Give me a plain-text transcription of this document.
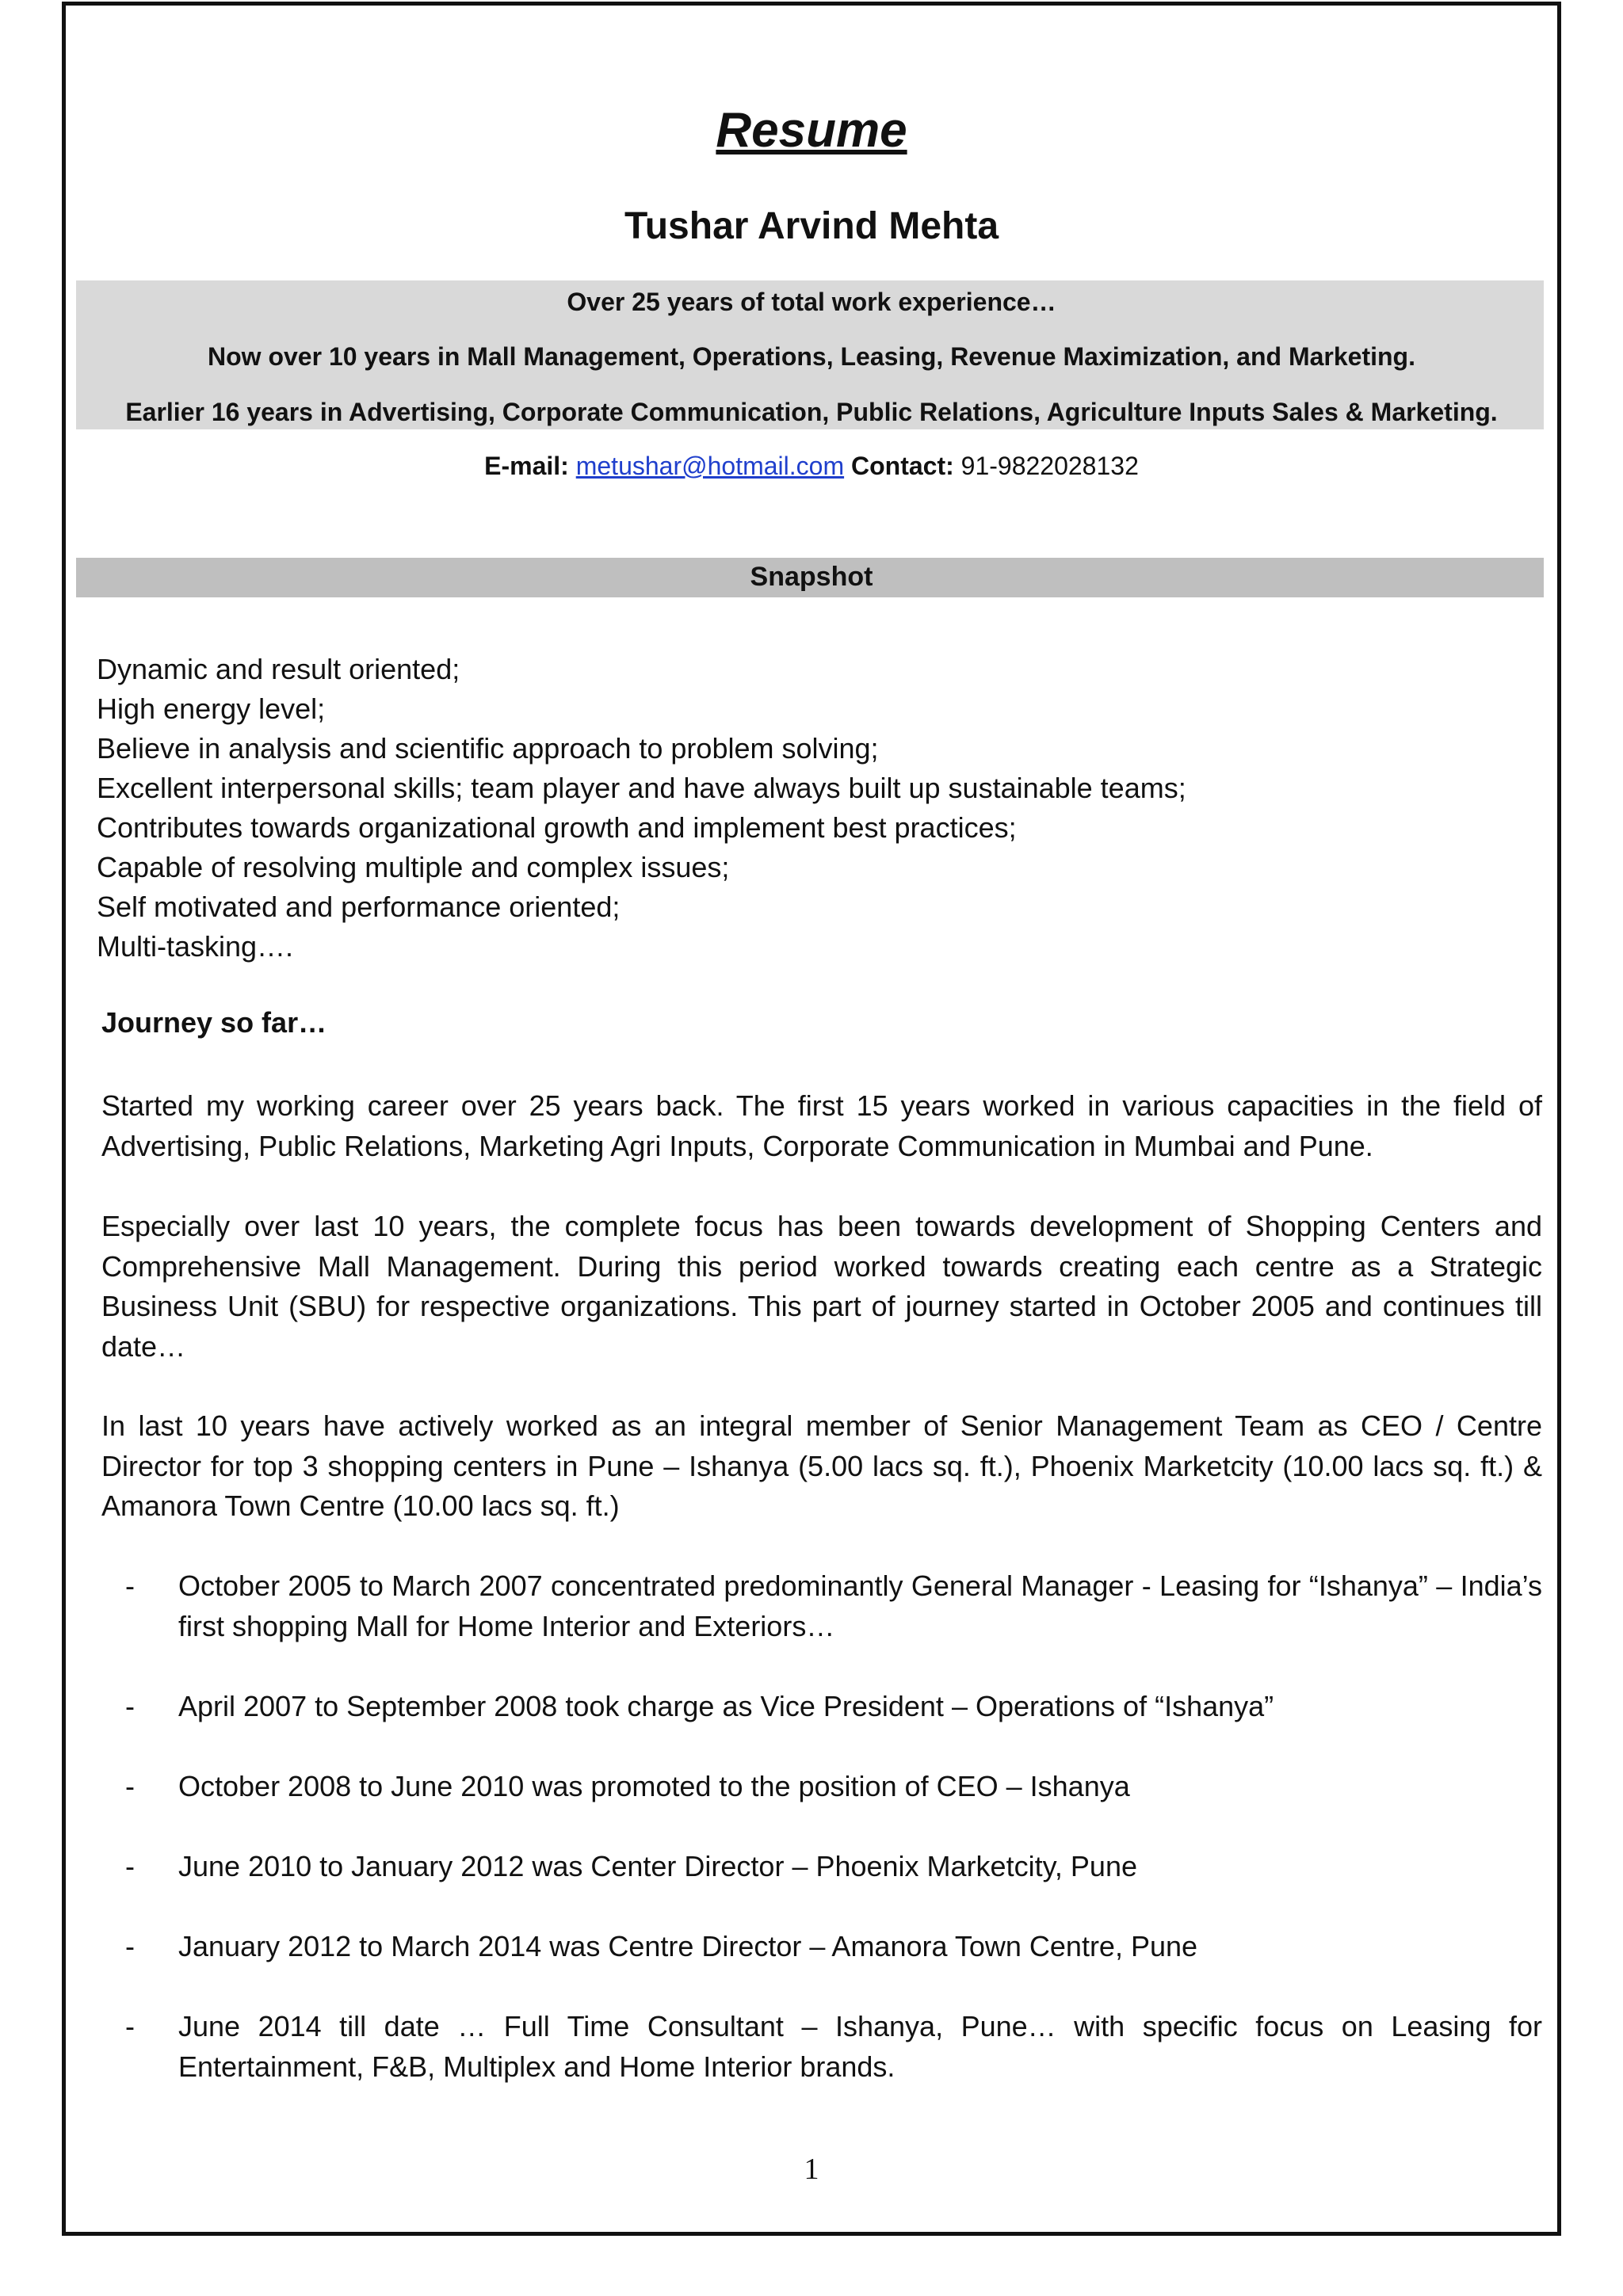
Resume
Tushar Arvind Mehta
Over 25 years of total work experience…
Now over 10 years in Mall Management, Operations, Leasing, Revenue Maximization, and Marketing.
Earlier 16 years in Advertising, Corporate Communication, Public Relations, Agriculture Inputs Sales & Marketing.
E-mail: metushar@hotmail.com Contact: 91-9822028132
Snapshot
Dynamic and result oriented;
High energy level;
Believe in analysis and scientific approach to problem solving;
Excellent interpersonal skills; team player and have always built up sustainable teams;
Contributes towards organizational growth and implement best practices;
Capable of resolving multiple and complex issues;
Self motivated and performance oriented;
Multi-tasking….
Journey so far…
Started my working career over 25 years back. The first 15 years worked in various capacities in the field of Advertising, Public Relations, Marketing Agri Inputs, Corporate Communication in Mumbai and Pune.
Especially over last 10 years, the complete focus has been towards development of Shopping Centers and Comprehensive Mall Management. During this period worked towards creating each centre as a Strategic Business Unit (SBU) for respective organizations. This part of journey started in October 2005 and continues till date…
In last 10 years have actively worked as an integral member of Senior Management Team as CEO / Centre Director for top 3 shopping centers in Pune – Ishanya (5.00 lacs sq. ft.), Phoenix Marketcity (10.00 lacs sq. ft.) & Amanora Town Centre (10.00 lacs sq. ft.)
- October 2005 to March 2007 concentrated predominantly General Manager - Leasing for “Ishanya” – India’s first shopping Mall for Home Interior and Exteriors…
- April 2007 to September 2008 took charge as Vice President – Operations of “Ishanya”
- October 2008 to June 2010 was promoted to the position of CEO – Ishanya
- June 2010 to January 2012 was Center Director – Phoenix Marketcity, Pune
- January 2012 to March 2014 was Centre Director – Amanora Town Centre, Pune
- June 2014 till date … Full Time Consultant – Ishanya, Pune… with specific focus on Leasing for Entertainment, F&B, Multiplex and Home Interior brands.
1
